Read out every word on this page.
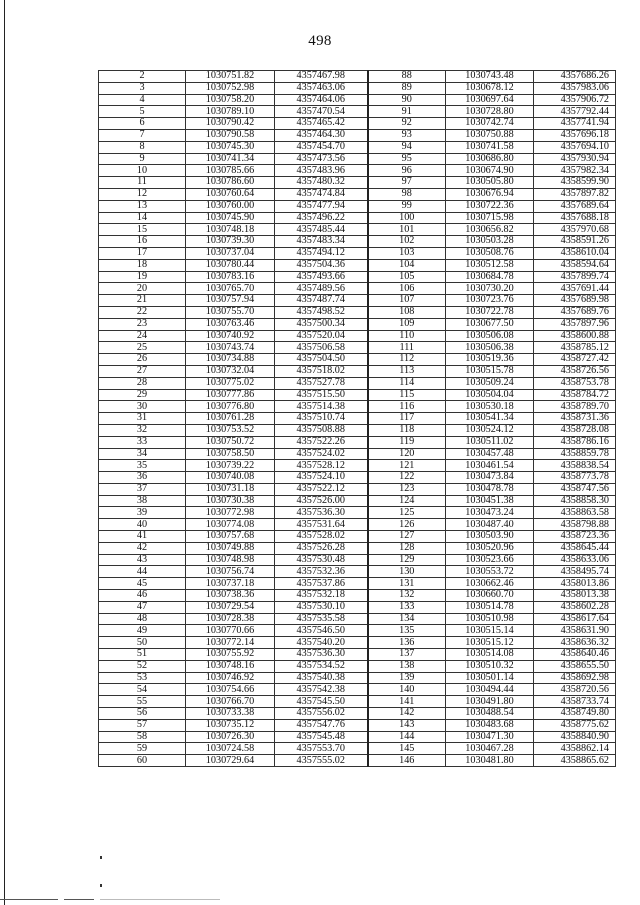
498
2	1030751.82	4357467.98	88	1030743.48	4357686.26
3	1030752.98	4357463.06	89	1030678.12	4357983.06
4	1030758.20	4357464.06	90	1030697.64	4357906.72
5	1030789.10	4357470.54	91	1030728.80	4357792.44
6	1030790.42	4357465.42	92	1030742.74	4357741.94
7	1030790.58	4357464.30	93	1030750.88	4357696.18
8	1030745.30	4357454.70	94	1030741.58	4357694.10
9	1030741.34	4357473.56	95	1030686.80	4357930.94
10	1030785.66	4357483.96	96	1030674.90	4357982.34
11	1030786.60	4357480.32	97	1030505.80	4358599.90
12	1030760.64	4357474.84	98	1030676.94	4357897.82
13	1030760.00	4357477.94	99	1030722.36	4357689.64
14	1030745.90	4357496.22	100	1030715.98	4357688.18
15	1030748.18	4357485.44	101	1030656.82	4357970.68
16	1030739.30	4357483.34	102	1030503.28	4358591.26
17	1030737.04	4357494.12	103	1030508.76	4358610.04
18	1030780.44	4357504.36	104	1030512.58	4358594.64
19	1030783.16	4357493.66	105	1030684.78	4357899.74
20	1030765.70	4357489.56	106	1030730.20	4357691.44
21	1030757.94	4357487.74	107	1030723.76	4357689.98
22	1030755.70	4357498.52	108	1030722.78	4357689.76
23	1030763.46	4357500.34	109	1030677.50	4357897.96
24	1030740.92	4357520.04	110	1030506.08	4358600.88
25	1030743.74	4357506.58	111	1030506.38	4358785.12
26	1030734.88	4357504.50	112	1030519.36	4358727.42
27	1030732.04	4357518.02	113	1030515.78	4358726.56
28	1030775.02	4357527.78	114	1030509.24	4358753.78
29	1030777.86	4357515.50	115	1030504.04	4358784.72
30	1030776.80	4357514.38	116	1030530.18	4358789.70
31	1030761.28	4357510.74	117	1030541.34	4358731.36
32	1030753.52	4357508.88	118	1030524.12	4358728.08
33	1030750.72	4357522.26	119	1030511.02	4358786.16
34	1030758.50	4357524.02	120	1030457.48	4358859.78
35	1030739.22	4357528.12	121	1030461.54	4358838.54
36	1030740.08	4357524.10	122	1030473.84	4358773.78
37	1030731.18	4357522.12	123	1030478.78	4358747.56
38	1030730.38	4357526.00	124	1030451.38	4358858.30
39	1030772.98	4357536.30	125	1030473.24	4358863.58
40	1030774.08	4357531.64	126	1030487.40	4358798.88
41	1030757.68	4357528.02	127	1030503.90	4358723.36
42	1030749.88	4357526.28	128	1030520.96	4358645.44
43	1030748.98	4357530.48	129	1030523.66	4358633.06
44	1030756.74	4357532.36	130	1030553.72	4358495.74
45	1030737.18	4357537.86	131	1030662.46	4358013.86
46	1030738.36	4357532.18	132	1030660.70	4358013.38
47	1030729.54	4357530.10	133	1030514.78	4358602.28
48	1030728.38	4357535.58	134	1030510.98	4358617.64
49	1030770.66	4357546.50	135	1030515.14	4358631.90
50	1030772.14	4357540.20	136	1030515.12	4358636.32
51	1030755.92	4357536.30	137	1030514.08	4358640.46
52	1030748.16	4357534.52	138	1030510.32	4358655.50
53	1030746.92	4357540.38	139	1030501.14	4358692.98
54	1030754.66	4357542.38	140	1030494.44	4358720.56
55	1030766.70	4357545.50	141	1030491.80	4358733.74
56	1030733.38	4357556.02	142	1030488.54	4358749.80
57	1030735.12	4357547.76	143	1030483.68	4358775.62
58	1030726.30	4357545.48	144	1030471.30	4358840.90
59	1030724.58	4357553.70	145	1030467.28	4358862.14
60	1030729.64	4357555.02	146	1030481.80	4358865.62
